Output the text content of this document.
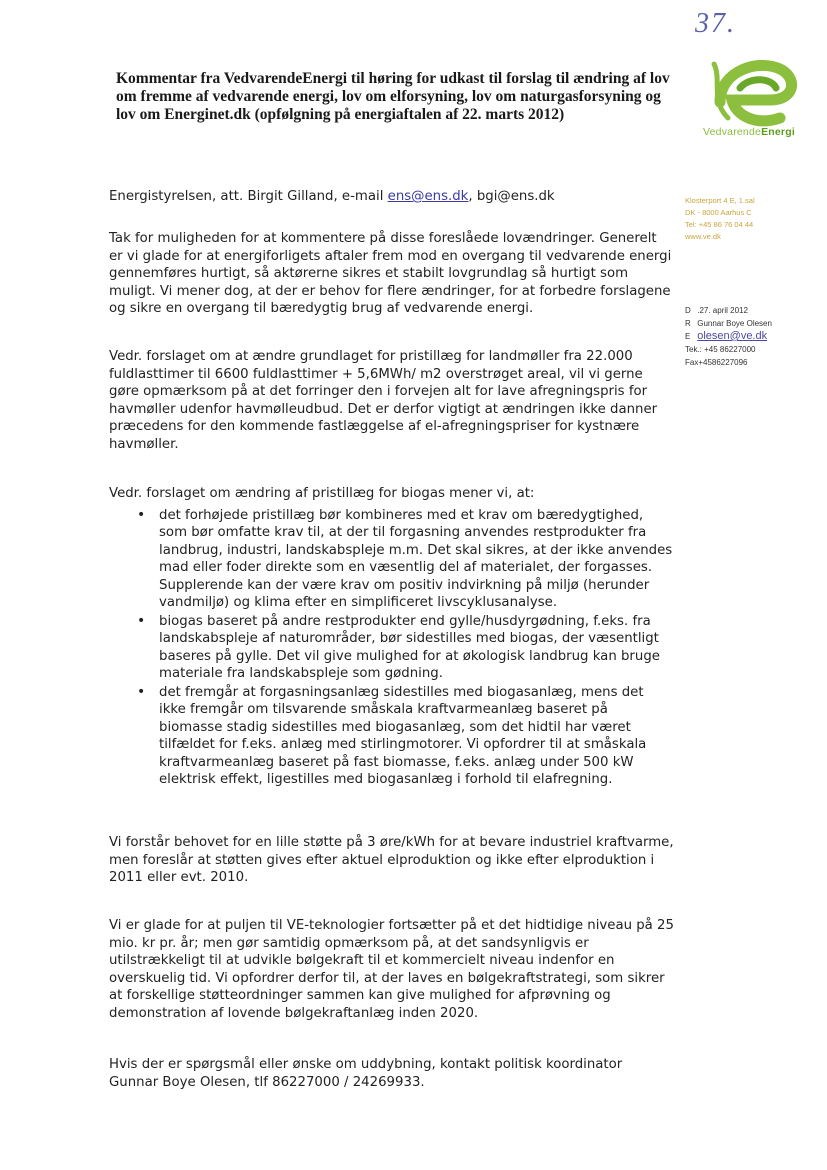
37.
Kommentar fra VedvarendeEnergi til høring for udkast til forslag til ændring af lov om fremme af vedvarende energi, lov om elforsyning, lov om naturgasforsyning og lov om Energinet.dk (opfølgning på energiaftalen af 22. marts 2012)
VedvarendeEnergi
Klosterport 4 E, 1.sal
DK - 8000 Aarhus C
Tel: +45 86 76 04 44
www.ve.dk
D .27. april 2012
R Gunnar Boye Olesen
E olesen@ve.dk
Tek.: +45 86227000
Fax+4586227096
Energistyrelsen, att. Birgit Gilland, e-mail ens@ens.dk, bgi@ens.dk
Tak for muligheden for at kommentere på disse foreslåede lovændringer. Generelt er vi glade for at energiforligets aftaler frem mod en overgang til vedvarende energi gennemføres hurtigt, så aktørerne sikres et stabilt lovgrundlag så hurtigt som muligt. Vi mener dog, at der er behov for flere ændringer, for at forbedre forslagene og sikre en overgang til bæredygtig brug af vedvarende energi.
Vedr. forslaget om at ændre grundlaget for pristillæg for landmøller fra 22.000 fuldlasttimer til 6600 fuldlasttimer + 5,6MWh/ m2 overstrøget areal, vil vi gerne gøre opmærksom på at det forringer den i forvejen alt for lave afregningspris for havmøller udenfor havmølleudbud. Det er derfor vigtigt at ændringen ikke danner præcedens for den kommende fastlæggelse af el-afregningspriser for kystnære havmøller.
Vedr. forslaget om ændring af pristillæg for biogas mener vi, at:
• det forhøjede pristillæg bør kombineres med et krav om bæredygtighed, som bør omfatte krav til, at der til forgasning anvendes restprodukter fra landbrug, industri, landskabspleje m.m. Det skal sikres, at der ikke anvendes mad eller foder direkte som en væsentlig del af materialet, der forgasses. Supplerende kan der være krav om positiv indvirkning på miljø (herunder vandmiljø) og klima efter en simplificeret livscyklusanalyse.
• biogas baseret på andre restprodukter end gylle/husdyrgødning, f.eks. fra landskabspleje af naturområder, bør sidestilles med biogas, der væsentligt baseres på gylle. Det vil give mulighed for at økologisk landbrug kan bruge materiale fra landskabspleje som gødning.
• det fremgår at forgasningsanlæg sidestilles med biogasanlæg, mens det ikke fremgår om tilsvarende småskala kraftvarmeanlæg baseret på biomasse stadig sidestilles med biogasanlæg, som det hidtil har været tilfældet for f.eks. anlæg med stirlingmotorer. Vi opfordrer til at småskala kraftvarmeanlæg baseret på fast biomasse, f.eks. anlæg under 500 kW elektrisk effekt, ligestilles med biogasanlæg i forhold til elafregning.
Vi forstår behovet for en lille støtte på 3 øre/kWh for at bevare industriel kraftvarme, men foreslår at støtten gives efter aktuel elproduktion og ikke efter elproduktion i 2011 eller evt. 2010.
Vi er glade for at puljen til VE-teknologier fortsætter på et det hidtidige niveau på 25 mio. kr pr. år; men gør samtidig opmærksom på, at det sandsynligvis er utilstrækkeligt til at udvikle bølgekraft til et kommercielt niveau indenfor en overskuelig tid. Vi opfordrer derfor til, at der laves en bølgekraftstrategi, som sikrer at forskellige støtteordninger sammen kan give mulighed for afprøvning og demonstration af lovende bølgekraftanlæg inden 2020.
Hvis der er spørgsmål eller ønske om uddybning, kontakt politisk koordinator Gunnar Boye Olesen, tlf 86227000 / 24269933.
